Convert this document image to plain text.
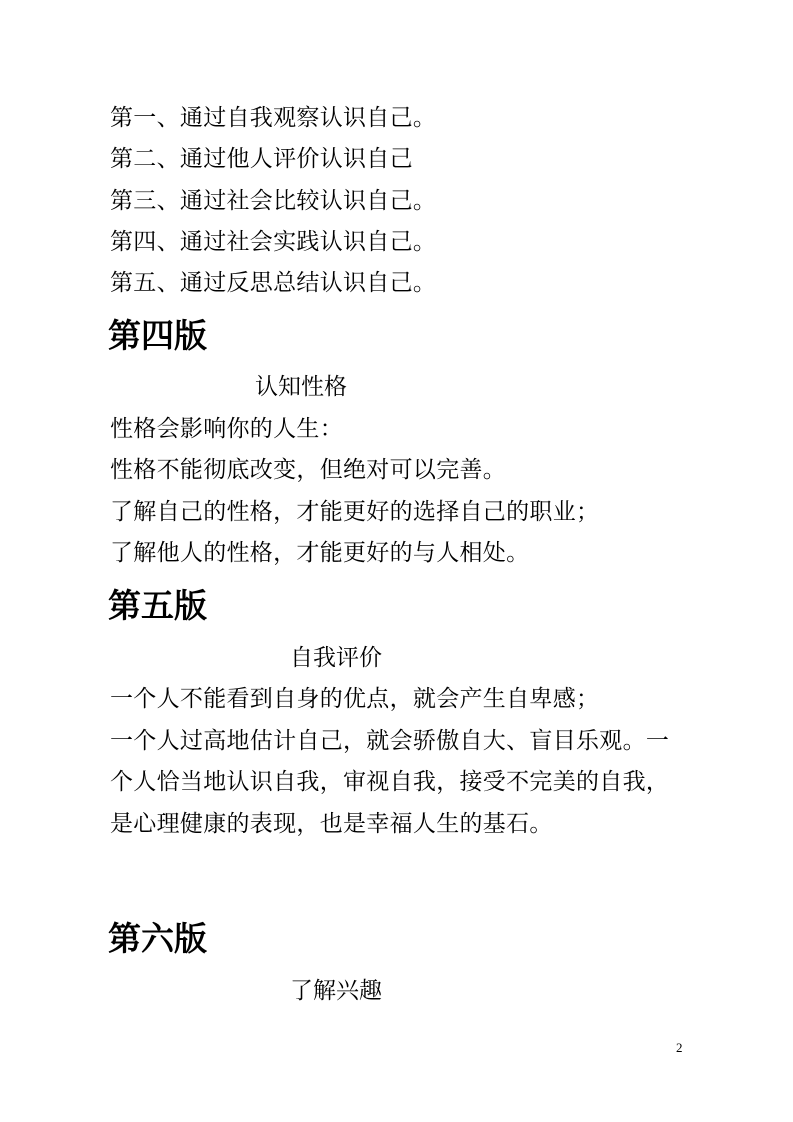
第一、通过自我观察认识自己。
第二、通过他人评价认识自己
第三、通过社会比较认识自己。
第四、通过社会实践认识自己。
第五、通过反思总结认识自己。
第四版
认知性格
性格会影响你的人生：
性格不能彻底改变，但绝对可以完善。
了解自己的性格，才能更好的选择自己的职业；
了解他人的性格，才能更好的与人相处。
第五版
自我评价
一个人不能看到自身的优点，就会产生自卑感；
一个人过高地估计自己，就会骄傲自大、盲目乐观。一
个人恰当地认识自我，审视自我，接受不完美的自我，
是心理健康的表现，也是幸福人生的基石。
第六版
了解兴趣
2
